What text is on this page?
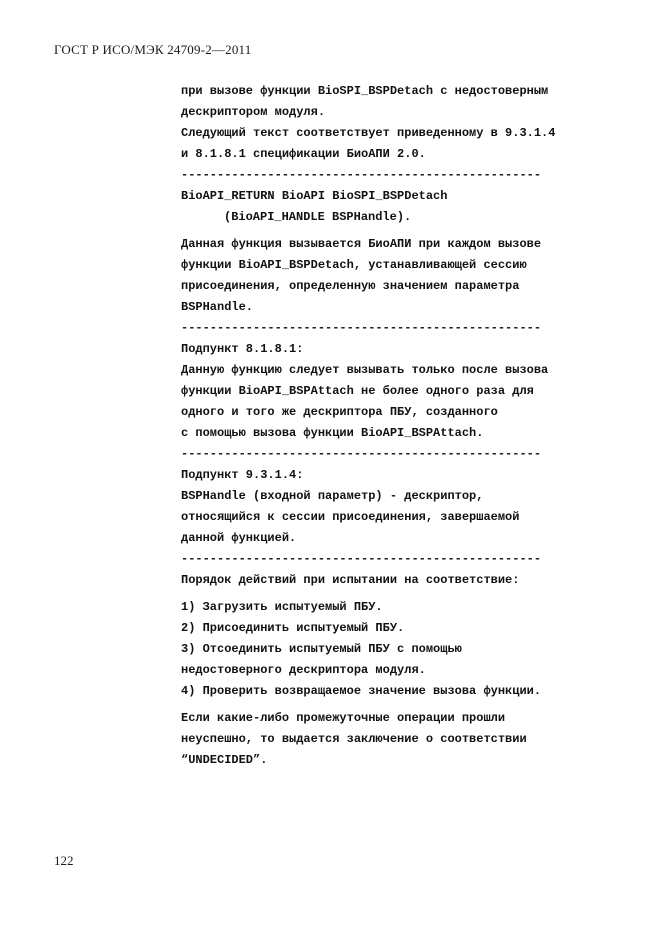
ГОСТ Р ИСО/МЭК 24709-2—2011
при вызове функции BioSPI_BSPDetach с недостоверным
дескриптором модуля.
Следующий текст соответствует приведенному в 9.3.1.4
и 8.1.8.1 спецификации БиоАПИ 2.0.
--------------------------------------------------
BioAPI_RETURN BioAPI BioSPI_BSPDetach
(BioAPI_HANDLE BSPHandle).
Данная функция вызывается БиоАПИ при каждом вызове
функции BioAPI_BSPDetach, устанавливающей сессию
присоединения, определенную значением параметра
BSPHandle.
--------------------------------------------------
Подпункт 8.1.8.1:
Данную функцию следует вызывать только после вызова
функции BioAPI_BSPAttach не более одного раза для
одного и того же дескриптора ПБУ, созданного
с помощью вызова функции BioAPI_BSPAttach.
--------------------------------------------------
Подпункт 9.3.1.4:
BSPHandle (входной параметр) - дескриптор,
относящийся к сессии присоединения, завершаемой
данной функцией.
--------------------------------------------------
Порядок действий при испытании на соответствие:
1) Загрузить испытуемый ПБУ.
2) Присоединить испытуемый ПБУ.
3) Отсоединить испытуемый ПБУ с помощью
недостоверного дескриптора модуля.
4) Проверить возвращаемое значение вызова функции.
Если какие-либо промежуточные операции прошли
неуспешно, то выдается заключение о соответствии
“UNDECIDED”.
122
